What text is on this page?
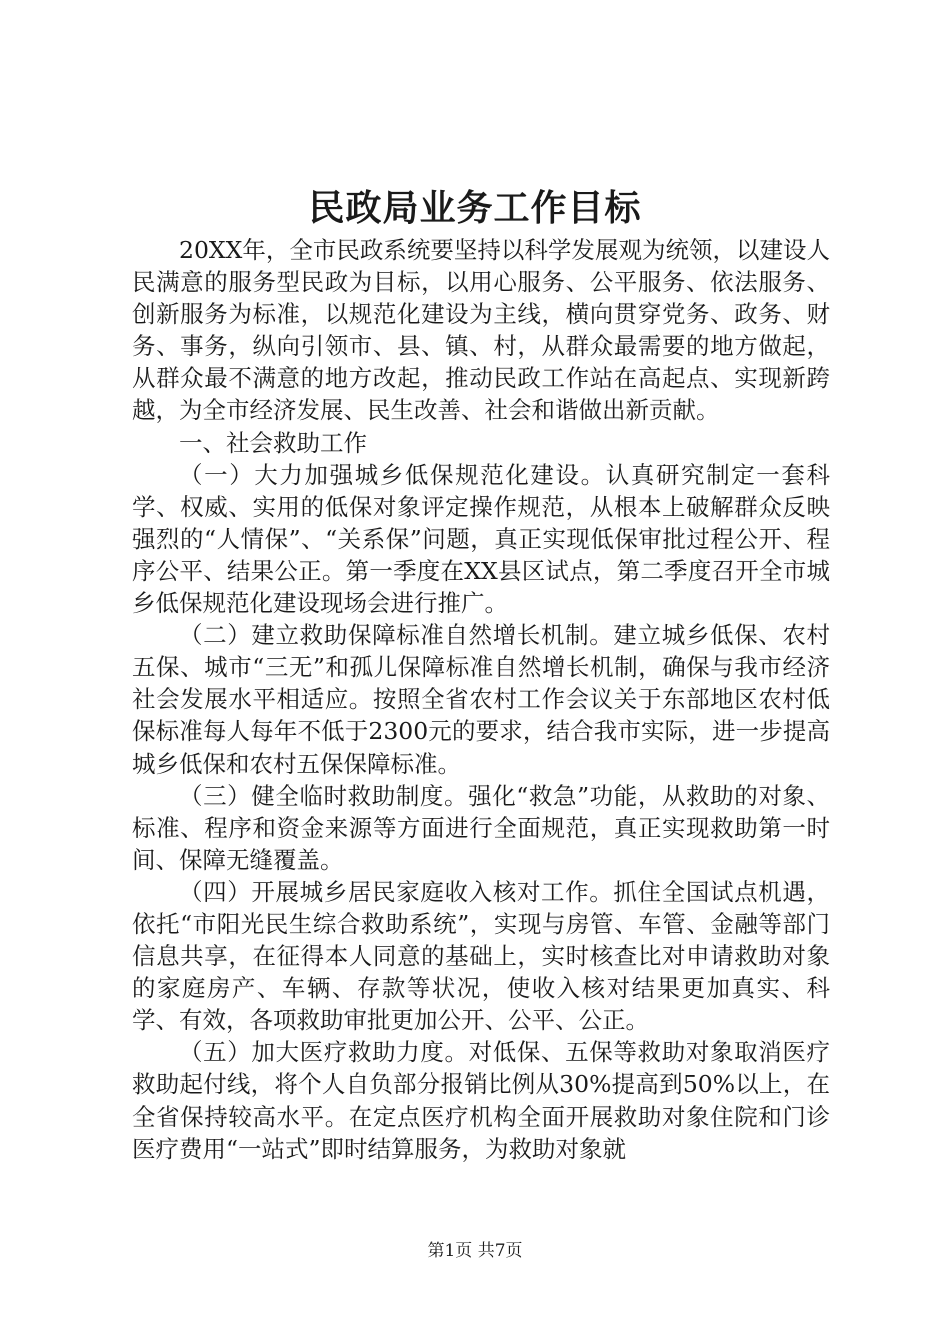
民政局业务工作目标

20XX年，全市民政系统要坚持以科学发展观为统领，以建设人民满意的服务型民政为目标，以用心服务、公平服务、依法服务、创新服务为标准，以规范化建设为主线，横向贯穿党务、政务、财务、事务，纵向引领市、县、镇、村，从群众最需要的地方做起，从群众最不满意的地方改起，推动民政工作站在高起点、实现新跨越，为全市经济发展、民生改善、社会和谐做出新贡献。

一、社会救助工作

（一）大力加强城乡低保规范化建设。认真研究制定一套科学、权威、实用的低保对象评定操作规范，从根本上破解群众反映强烈的“人情保”、“关系保”问题，真正实现低保审批过程公开、程序公平、结果公正。第一季度在XX县区试点，第二季度召开全市城乡低保规范化建设现场会进行推广。

（二）建立救助保障标准自然增长机制。建立城乡低保、农村五保、城市“三无”和孤儿保障标准自然增长机制，确保与我市经济社会发展水平相适应。按照全省农村工作会议关于东部地区农村低保标准每人每年不低于2300元的要求，结合我市实际，进一步提高城乡低保和农村五保保障标准。

（三）健全临时救助制度。强化“救急”功能，从救助的对象、标准、程序和资金来源等方面进行全面规范，真正实现救助第一时间、保障无缝覆盖。

（四）开展城乡居民家庭收入核对工作。抓住全国试点机遇，依托“市阳光民生综合救助系统”，实现与房管、车管、金融等部门信息共享，在征得本人同意的基础上，实时核查比对申请救助对象的家庭房产、车辆、存款等状况，使收入核对结果更加真实、科学、有效，各项救助审批更加公开、公平、公正。

（五）加大医疗救助力度。对低保、五保等救助对象取消医疗救助起付线，将个人自负部分报销比例从30%提高到50%以上，在全省保持较高水平。在定点医疗机构全面开展救助对象住院和门诊医疗费用“一站式”即时结算服务，为救助对象就

第1页 共7页
